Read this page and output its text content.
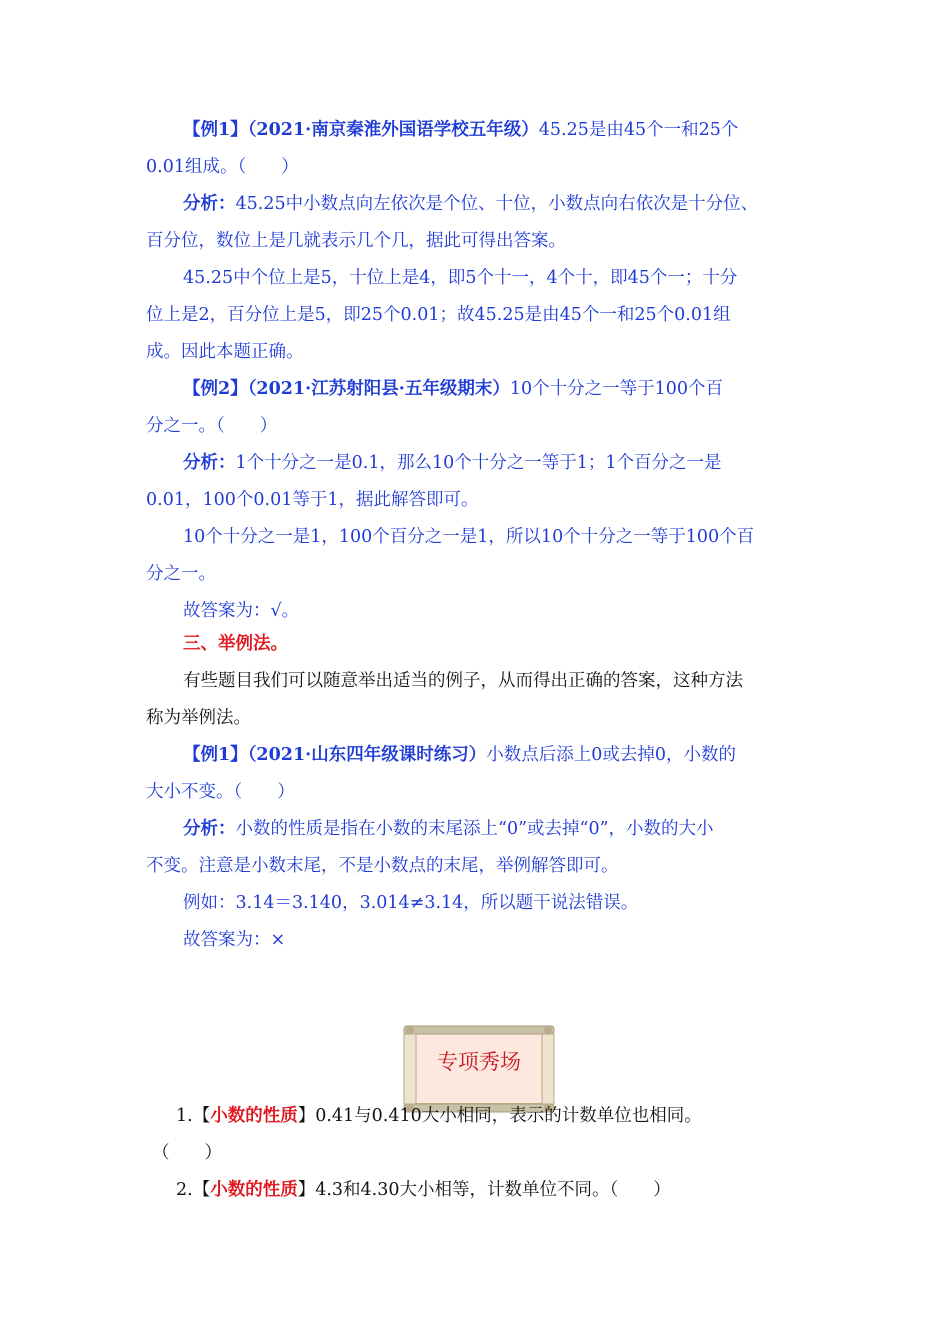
【例1】（2021·南京秦淮外国语学校五年级）45.25是由45个一和25个
0.01组成。（　　）
分析：45.25中小数点向左依次是个位、十位，小数点向右依次是十分位、
百分位，数位上是几就表示几个几，据此可得出答案。
45.25中个位上是5，十位上是4，即5个十一，4个十，即45个一；十分
位上是2，百分位上是5，即25个0.01；故45.25是由45个一和25个0.01组
成。因此本题正确。
【例2】（2021·江苏射阳县·五年级期末）10个十分之一等于100个百
分之一。（　　）
分析：1个十分之一是0.1，那么10个十分之一等于1；1个百分之一是
0.01，100个0.01等于1，据此解答即可。
10个十分之一是1，100个百分之一是1，所以10个十分之一等于100个百
分之一。
故答案为：√。
三、举例法。
有些题目我们可以随意举出适当的例子，从而得出正确的答案，这种方法
称为举例法。
【例1】（2021·山东四年级课时练习）小数点后添上0或去掉0，小数的
大小不变。（　　）
分析：小数的性质是指在小数的末尾添上“0”或去掉“0”，小数的大小
不变。注意是小数末尾，不是小数点的末尾，举例解答即可。
例如：3.14＝3.140，3.014≠3.14，所以题干说法错误。
故答案为：×
专项秀场
1.【小数的性质】0.41与0.410大小相同，表示的计数单位也相同。
（　　）
2.【小数的性质】4.3和4.30大小相等，计数单位不同。（　　）
